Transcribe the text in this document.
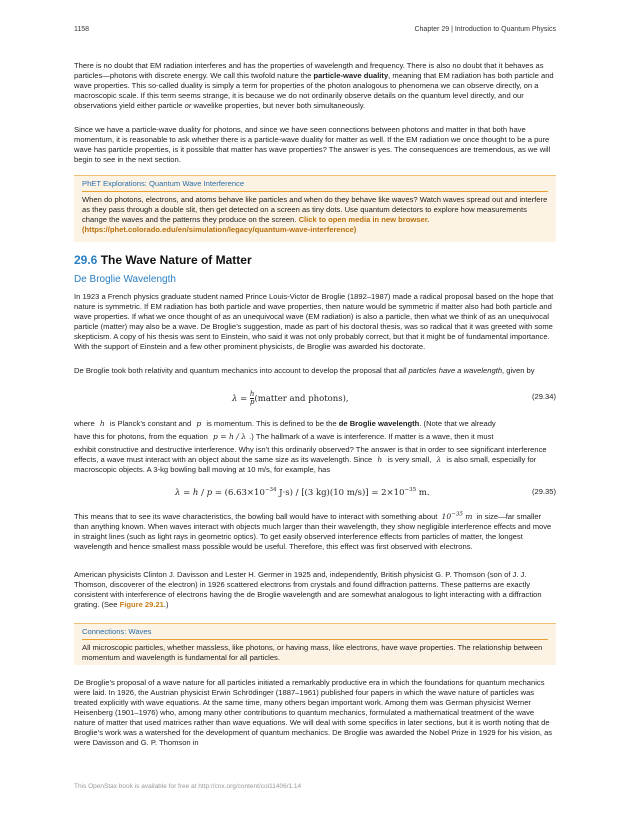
1158	Chapter 29 | Introduction to Quantum Physics

There is no doubt that EM radiation interferes and has the properties of wavelength and frequency. There is also no doubt that it behaves as particles—photons with discrete energy. We call this twofold nature the particle-wave duality, meaning that EM radiation has both particle and wave properties. This so-called duality is simply a term for properties of the photon analogous to phenomena we can observe directly, on a macroscopic scale. If this term seems strange, it is because we do not ordinarily observe details on the quantum level directly, and our observations yield either particle or wavelike properties, but never both simultaneously.

Since we have a particle-wave duality for photons, and since we have seen connections between photons and matter in that both have momentum, it is reasonable to ask whether there is a particle-wave duality for matter as well. If the EM radiation we once thought to be a pure wave has particle properties, is it possible that matter has wave properties? The answer is yes. The consequences are tremendous, as we will begin to see in the next section.

PhET Explorations: Quantum Wave Interference
When do photons, electrons, and atoms behave like particles and when do they behave like waves? Watch waves spread out and interfere as they pass through a double slit, then get detected on a screen as tiny dots. Use quantum detectors to explore how measurements change the waves and the patterns they produce on the screen. Click to open media in new browser. (https://phet.colorado.edu/en/simulation/legacy/quantum-wave-interference)
29.6 The Wave Nature of Matter
De Broglie Wavelength

In 1923 a French physics graduate student named Prince Louis-Victor de Broglie (1892–1987) made a radical proposal based on the hope that nature is symmetric. If EM radiation has both particle and wave properties, then nature would be symmetric if matter also had both particle and wave properties. If what we once thought of as an unequivocal wave (EM radiation) is also a particle, then what we think of as an unequivocal particle (matter) may also be a wave. De Broglie’s suggestion, made as part of his doctoral thesis, was so radical that it was greeted with some skepticism. A copy of his thesis was sent to Einstein, who said it was not only probably correct, but that it might be of fundamental importance. With the support of Einstein and a few other prominent physicists, de Broglie was awarded his doctorate.

De Broglie took both relativity and quantum mechanics into account to develop the proposal that all particles have a wavelength, given by

$\lambda = \frac{h}{p}$ (matter and photons),	(29.34)
where h is Planck’s constant and p is momentum. This is defined to be the de Broglie wavelength. (Note that we already
have this for photons, from the equation p = h / λ .) The hallmark of a wave is interference. If matter is a wave, then it must
exhibit constructive and destructive interference. Why isn’t this ordinarily observed? The answer is that in order to see significant interference effects, a wave must interact with an object about the same size as its wavelength. Since h is very small, λ is also small, especially for macroscopic objects. A 3-kg bowling ball moving at 10 m/s, for example, has
$\lambda = h / p = (6.63\times 10^{-34}$ J·s) / [(3 kg)(10 $m/s)] = 2\times 10^{-35}$ m.	(29.35)

This means that to see its wave characteristics, the bowling ball would have to interact with something about $10^{-35}$ m in size—far smaller than anything known. When waves interact with objects much larger than their wavelength, they show negligible interference effects and move in straight lines (such as light rays in geometric optics). To get easily observed interference effects from particles of matter, the longest wavelength and hence smallest mass possible would be useful. Therefore, this effect was first observed with electrons.

American physicists Clinton J. Davisson and Lester H. Germer in 1925 and, independently, British physicist G. P. Thomson (son of J. J. Thomson, discoverer of the electron) in 1926 scattered electrons from crystals and found diffraction patterns. These patterns are exactly consistent with interference of electrons having the de Broglie wavelength and are somewhat analogous to light interacting with a diffraction grating. (See Figure 29.21.)

Connections: Waves
All microscopic particles, whether massless, like photons, or having mass, like electrons, have wave properties. The relationship between momentum and wavelength is fundamental for all particles.

De Broglie’s proposal of a wave nature for all particles initiated a remarkably productive era in which the foundations for quantum mechanics were laid. In 1926, the Austrian physicist Erwin Schrödinger (1887–1961) published four papers in which the wave nature of particles was treated explicitly with wave equations. At the same time, many others began important work. Among them was German physicist Werner Heisenberg (1901–1976) who, among many other contributions to quantum mechanics, formulated a mathematical treatment of the wave nature of matter that used matrices rather than wave equations. We will deal with some specifics in later sections, but it is worth noting that de Broglie’s work was a watershed for the development of quantum mechanics. De Broglie was awarded the Nobel Prize in 1929 for his vision, as were Davisson and G. P. Thomson in

This OpenStax book is available for free at http://cnx.org/content/col11406/1.14
